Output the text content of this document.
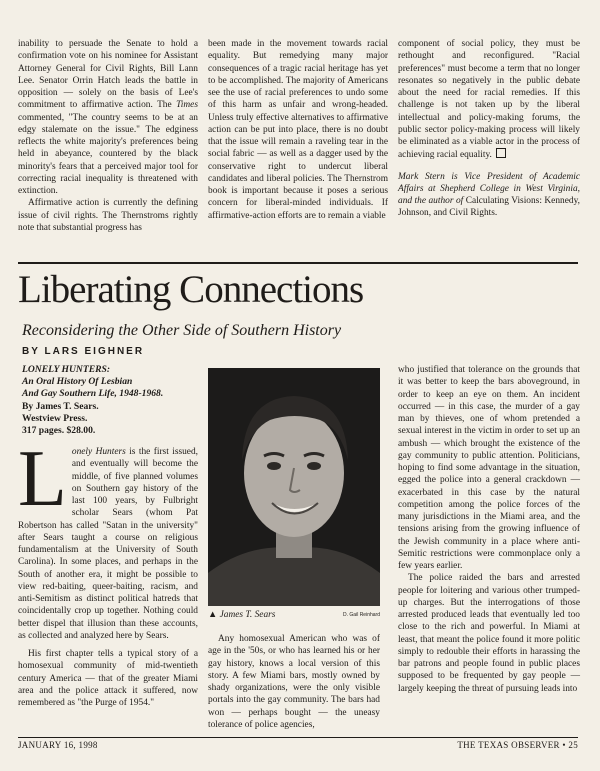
inability to persuade the Senate to hold a confirmation vote on his nominee for Assistant Attorney General for Civil Rights, Bill Lann Lee. Senator Orrin Hatch leads the battle in opposition — solely on the basis of Lee's commitment to affirmative action. The Times commented, "The country seems to be at an edgy stalemate on the issue." The edginess reflects the white majority's preferences being held in abeyance, countered by the black minority's fears that a perceived major tool for correcting racial inequality is threatened with extinction.

Affirmative action is currently the defining issue of civil rights. The Thernstroms rightly note that substantial progress has

been made in the movement towards racial equality. But remedying many major consequences of a tragic racial heritage has yet to be accomplished. The majority of Americans see the use of racial preferences to undo some of this harm as unfair and wrong-headed. Unless truly effective alternatives to affirmative action can be put into place, there is no doubt that the issue will remain a raveling tear in the social fabric — as well as a dagger used by the conservative right to undercut liberal candidates and liberal policies. The Thernstrom book is important because it poses a serious concern for liberal-minded individuals. If affirmative-action efforts are to remain a viable

component of social policy, they must be rethought and reconfigured. "Racial preferences" must become a term that no longer resonates so negatively in the public debate about the need for racial remedies. If this challenge is not taken up by the liberal intellectual and policy-making forums, the public sector policy-making process will likely be eliminated as a viable actor in the process of achieving racial equality.

Mark Stern is Vice President of Academic Affairs at Shepherd College in West Virginia, and the author of Calculating Visions: Kennedy, Johnson, and Civil Rights.

Liberating Connections
Reconsidering the Other Side of Southern History
BY LARS EIGHNER
LONELY HUNTERS:
An Oral History Of Lesbian
And Gay Southern Life, 1948-1968.
By James T. Sears.
Westview Press.
317 pages. $28.00.

Lonely Hunters is the first issued, and eventually will become the middle, of five planned volumes on Southern gay history of the last 100 years, by Fulbright scholar Sears (whom Pat Robertson has called "Satan in the university" after Sears taught a course on religious fundamentalism at the University of South Carolina). In some places, and perhaps in the South of another era, it might be possible to view red-baiting, queer-baiting, racism, and anti-Semitism as distinct political hatreds that coincidentally crop up together. Nothing could better dispel that illusion than these accounts, as collected and analyzed here by Sears.

His first chapter tells a typical story of a homosexual community of mid-twentieth century America — that of the greater Miami area and the police attack it suffered, now remembered as "the Purge of 1954."

▲ James T. Sears	D. Gail Reinhard

Any homosexual American who was of age in the '50s, or who has learned his or her gay history, knows a local version of this story. A few Miami bars, mostly owned by shady organizations, were the only visible portals into the gay community. The bars had won — perhaps bought — the uneasy tolerance of police agencies,

who justified that tolerance on the grounds that it was better to keep the bars aboveground, in order to keep an eye on them. An incident occurred — in this case, the murder of a gay man by thieves, one of whom pretended a sexual interest in the victim in order to set up an ambush — which brought the existence of the gay community to public attention. Politicians, hoping to find some advantage in the situation, egged the police into a general crackdown — exacerbated in this case by the natural competition among the police forces of the many jurisdictions in the Miami area, and the tensions arising from the growing influence of the Jewish community in a place where anti-Semitic restrictions were commonplace only a few years earlier.

The police raided the bars and arrested people for loitering and various other trumped-up charges. But the interrogations of those arrested produced leads that eventually led too close to the rich and powerful. In Miami at least, that meant the police found it more politic simply to redouble their efforts in harassing the bar patrons and people found in public places supposed to be frequented by gay people — largely keeping the threat of pursuing leads into

JANUARY 16, 1998	THE TEXAS OBSERVER • 25
